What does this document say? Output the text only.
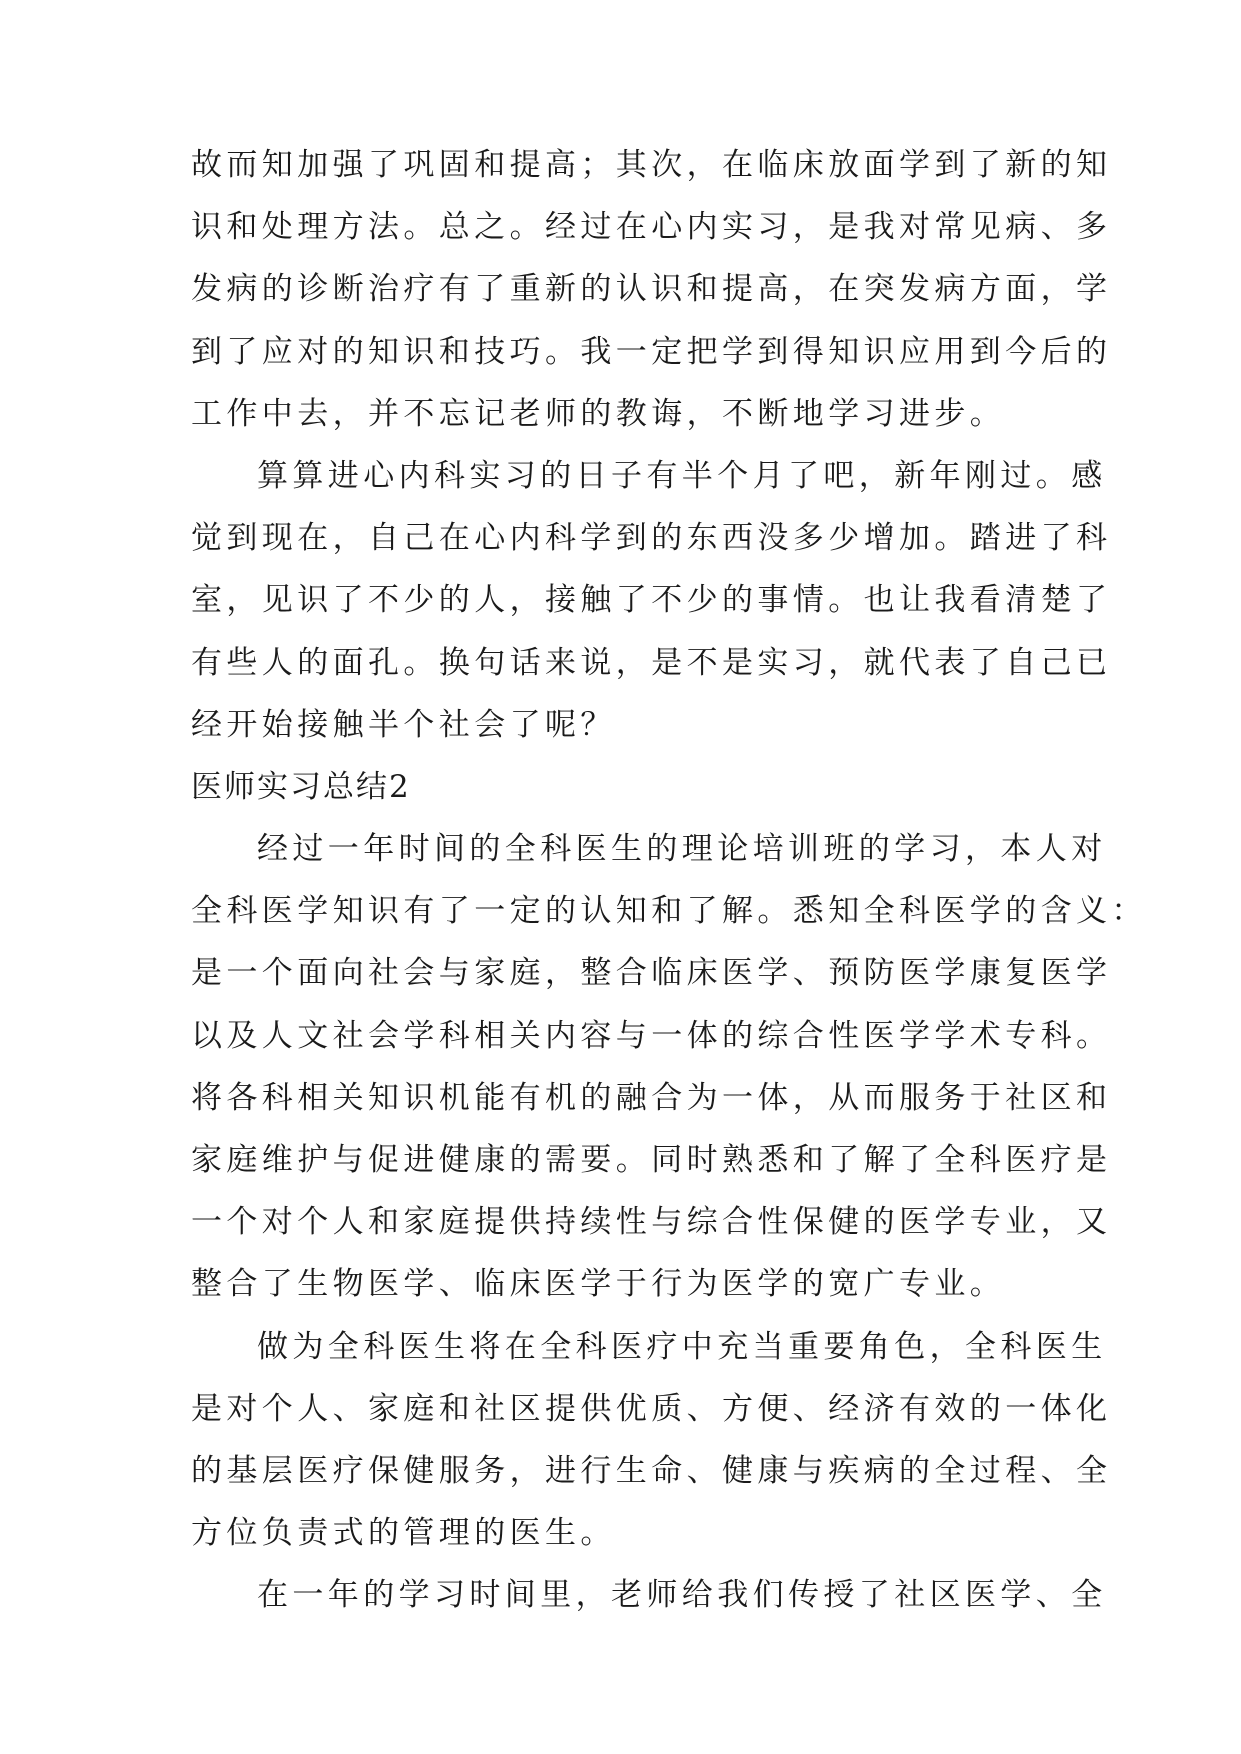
故而知加强了巩固和提高；其次，在临床放面学到了新的知
识和处理方法。总之。经过在心内实习，是我对常见病、多
发病的诊断治疗有了重新的认识和提高，在突发病方面，学
到了应对的知识和技巧。我一定把学到得知识应用到今后的
工作中去，并不忘记老师的教诲，不断地学习进步。
算算进心内科实习的日子有半个月了吧，新年刚过。感
觉到现在，自己在心内科学到的东西没多少增加。踏进了科
室，见识了不少的人，接触了不少的事情。也让我看清楚了
有些人的面孔。换句话来说，是不是实习，就代表了自己已
经开始接触半个社会了呢？
医师实习总结2
经过一年时间的全科医生的理论培训班的学习，本人对
全科医学知识有了一定的认知和了解。悉知全科医学的含义：
是一个面向社会与家庭，整合临床医学、预防医学康复医学
以及人文社会学科相关内容与一体的综合性医学学术专科。
将各科相关知识机能有机的融合为一体，从而服务于社区和
家庭维护与促进健康的需要。同时熟悉和了解了全科医疗是
一个对个人和家庭提供持续性与综合性保健的医学专业，又
整合了生物医学、临床医学于行为医学的宽广专业。
做为全科医生将在全科医疗中充当重要角色，全科医生
是对个人、家庭和社区提供优质、方便、经济有效的一体化
的基层医疗保健服务，进行生命、健康与疾病的全过程、全
方位负责式的管理的医生。
在一年的学习时间里，老师给我们传授了社区医学、全
